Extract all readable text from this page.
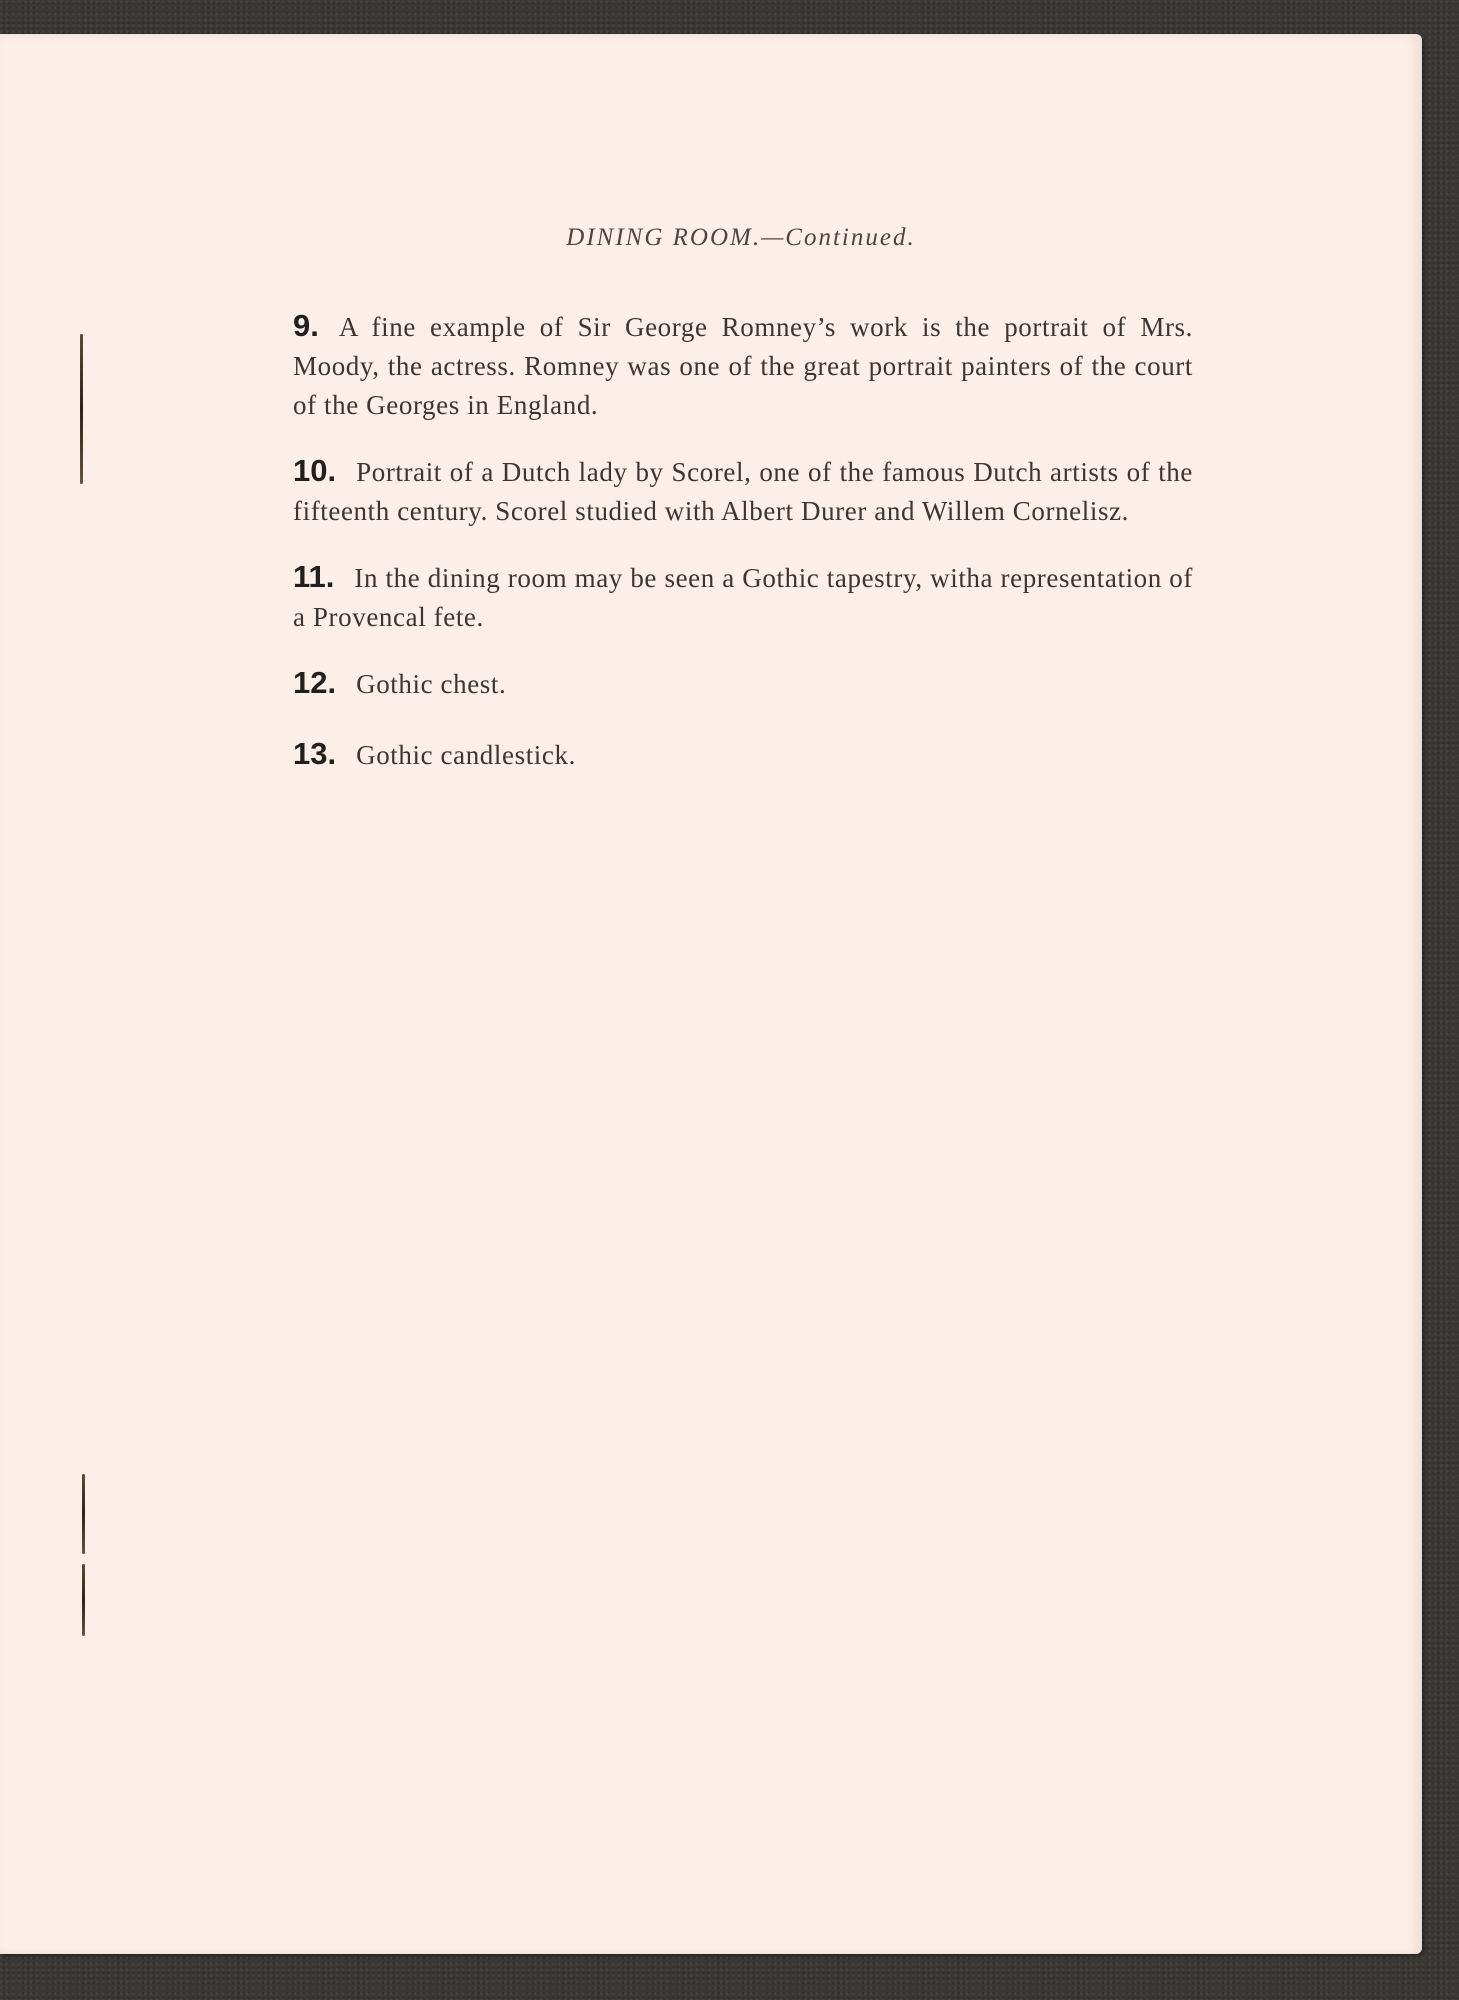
DINING ROOM.—Continued.

9. A fine example of Sir George Romney’s work is the portrait of Mrs. Moody, the actress. Romney was one of the great portrait painters of the court of the Georges in England.

10. Portrait of a Dutch lady by Scorel, one of the famous Dutch artists of the fifteenth century. Scorel studied with Albert Durer and Willem Cornelisz.

11. In the dining room may be seen a Gothic tapestry, witha representation of a Provencal fete.

12. Gothic chest.

13. Gothic candlestick.
